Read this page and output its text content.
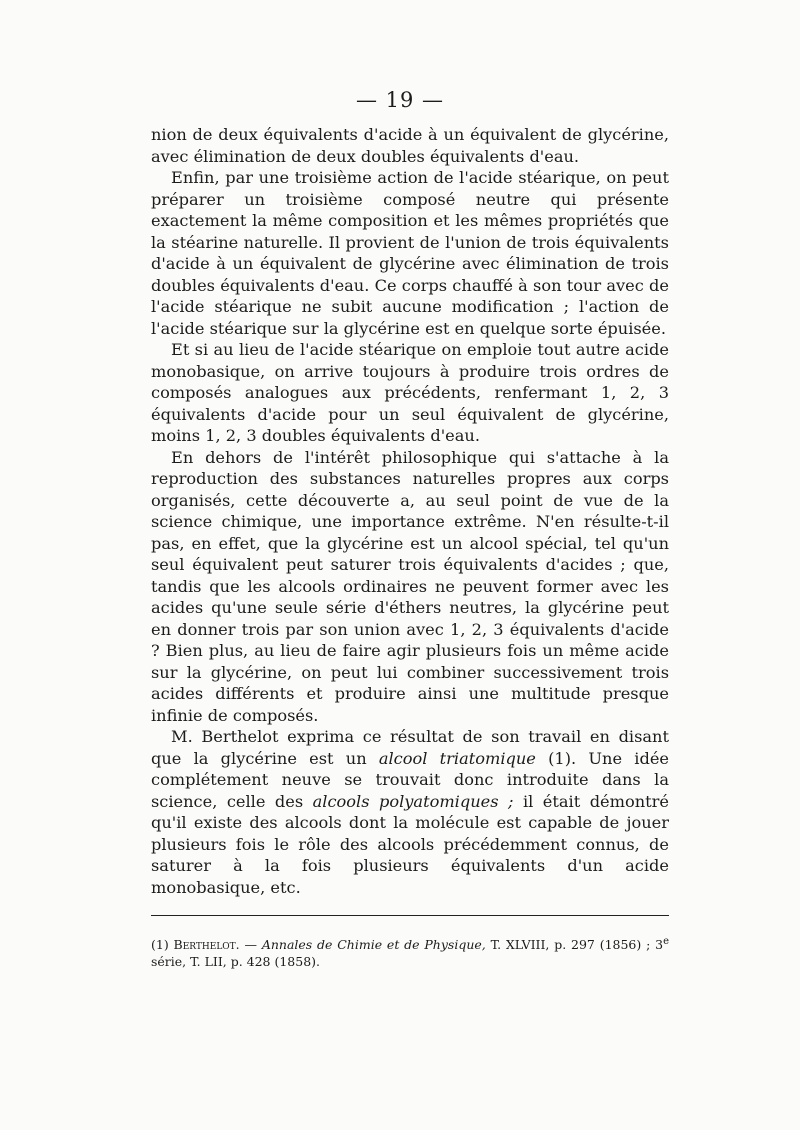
— 19 —

nion de deux équivalents d'acide à un équivalent de glycérine, avec élimination de deux doubles équivalents d'eau.

Enfin, par une troisième action de l'acide stéarique, on peut préparer un troisième composé neutre qui présente exactement la même composition et les mêmes propriétés que la stéarine naturelle. Il provient de l'union de trois équivalents d'acide à un équivalent de glycérine avec élimination de trois doubles équivalents d'eau. Ce corps chauffé à son tour avec de l'acide stéarique ne subit aucune modification ; l'action de l'acide stéarique sur la glycérine est en quelque sorte épuisée.

Et si au lieu de l'acide stéarique on emploie tout autre acide monobasique, on arrive toujours à produire trois ordres de composés analogues aux précédents, renfermant 1, 2, 3 équivalents d'acide pour un seul équivalent de glycérine, moins 1, 2, 3 doubles équivalents d'eau.

En dehors de l'intérêt philosophique qui s'attache à la reproduction des substances naturelles propres aux corps organisés, cette découverte a, au seul point de vue de la science chimique, une importance extrême. N'en résulte-t-il pas, en effet, que la glycérine est un alcool spécial, tel qu'un seul équivalent peut saturer trois équivalents d'acides ; que, tandis que les alcools ordinaires ne peuvent former avec les acides qu'une seule série d'éthers neutres, la glycérine peut en donner trois par son union avec 1, 2, 3 équivalents d'acide ? Bien plus, au lieu de faire agir plusieurs fois un même acide sur la glycérine, on peut lui combiner successivement trois acides différents et produire ainsi une multitude presque infinie de composés.

M. Berthelot exprima ce résultat de son travail en disant que la glycérine est un alcool triatomique (1). Une idée complétement neuve se trouvait donc introduite dans la science, celle des alcools polyatomiques ; il était démontré qu'il existe des alcools dont la molécule est capable de jouer plusieurs fois le rôle des alcools précédemment connus, de saturer à la fois plusieurs équivalents d'un acide monobasique, etc.

(1) Berthelot. — Annales de Chimie et de Physique, T. XLVIII, p. 297 (1856) ; 3e série, T. LII, p. 428 (1858).
